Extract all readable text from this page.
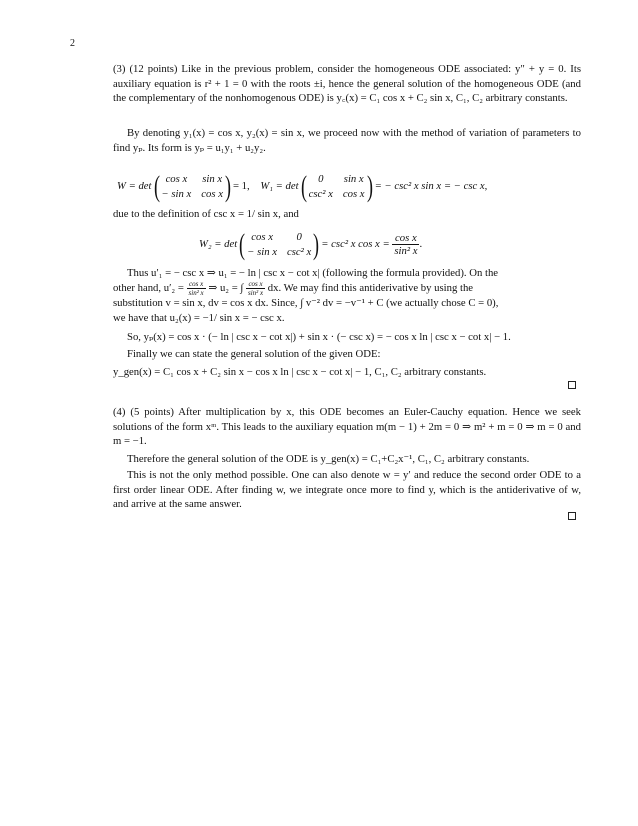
2
(3) (12 points) Like in the previous problem, consider the homogeneous ODE associated: y″ + y = 0. Its auxiliary equation is r² + 1 = 0 with the roots ±i, hence the general solution of the homogeneous ODE (and the complementary of the nonhomogenous ODE) is y꜀(x) = C₁ cos x + C₂ sin x, C₁, C₂ arbitrary constants.
By denoting y₁(x) = cos x, y₂(x) = sin x, we proceed now with the method of variation of parameters to find yₚ. Its form is yₚ = u₁y₁ + u₂y₂.
W = det ( cos x	sin x
− sin x cos x ) = 1,
W₁ = det (	0	sin x
csc² x cos x ) = − csc² x sin x = − csc x,
due to the definition of csc x = 1/ sin x, and
W₂ = det ( cos x	0
− sin x csc² x ) = csc² x cos x =
$\frac{\text{cos x}}{\text{sin² x}}$ .
Thus u′₁ = − csc x ⇒ u₁ = − ln | csc x − cot x| (following the formula provided). On the
other hand, $u'_2 = \frac{\text{cos x}}{\text{sin² x}}$ ⇒ u₂ = ∫ $\frac{\text{cos x}}{\text{sin² x}}$ dx. We may find this antiderivative by using the
substitution v = sin x, dv = cos x dx. Since, ∫ v⁻² dv = −v⁻¹ + C (we actually chose C = 0),
we have that u₂(x) = −1/ sin x = − csc x.
So, yₚ(x) = cos x · (− ln | csc x − cot x|) + sin x · (− csc x) = − cos x ln | csc x − cot x| − 1.
Finally we can state the general solution of the given ODE:
y_gen(x) = C₁ cos x + C₂ sin x − cos x ln | csc x − cot x| − 1, C₁, C₂ arbitrary constants.
(4) (5 points) After multiplication by x, this ODE becomes an Euler-Cauchy equation. Hence we seek solutions of the form xᵐ. This leads to the auxiliary equation m(m − 1) + 2m = 0 ⇒ m² + m = 0 ⇒ m = 0 and m = −1.
Therefore the general solution of the ODE is y_gen(x) = C₁+C₂x⁻¹, C₁, C₂ arbitrary constants.
This is not the only method possible. One can also denote w = y′ and reduce the second order ODE to a first order linear ODE. After finding w, we integrate once more to find y, which is the antiderivative of w, and arrive at the same answer.
